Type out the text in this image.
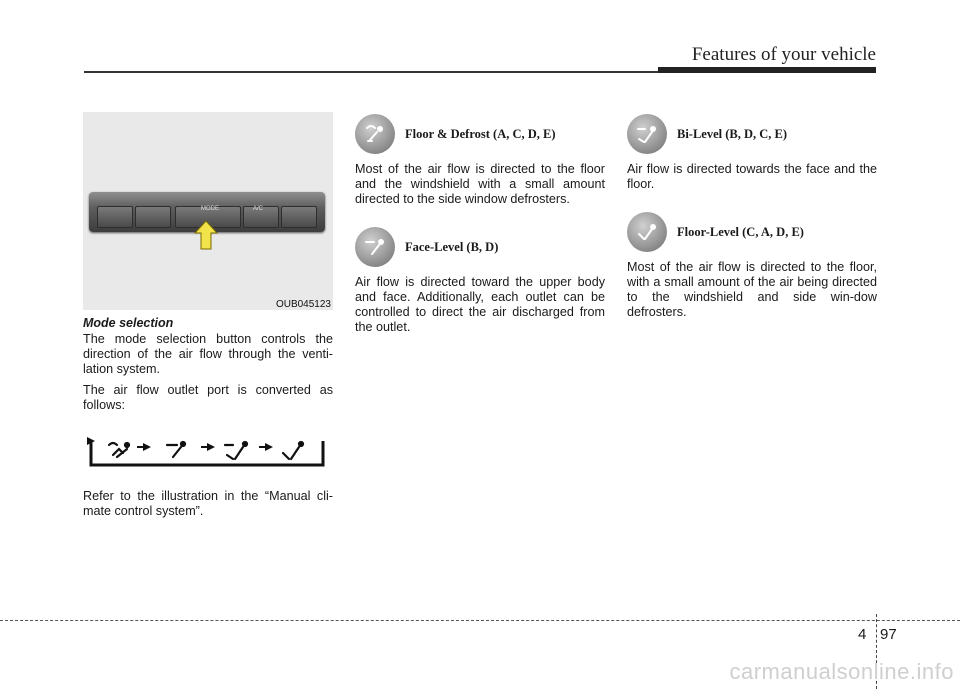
Features of your vehicle
MODE	A/C
OUB045123
Mode selection

The mode selection button controls the direction of the air flow through the venti-lation system.

The air flow outlet port is converted as follows:

Refer to the illustration in the “Manual cli-mate control system”.

Floor & Defrost (A, C, D, E)

Most of the air flow is directed to the floor and the windshield with a small amount directed to the side window defrosters.

Face-Level (B, D)

Air flow is directed toward the upper body and face. Additionally, each outlet can be controlled to direct the air discharged from the outlet.

Bi-Level (B, D, C, E)

Air flow is directed towards the face and the floor.

Floor-Level (C, A, D, E)

Most of the air flow is directed to the floor, with a small amount of the air being directed to the windshield and side win-dow defrosters.

4 97
carmanualsonline.info
